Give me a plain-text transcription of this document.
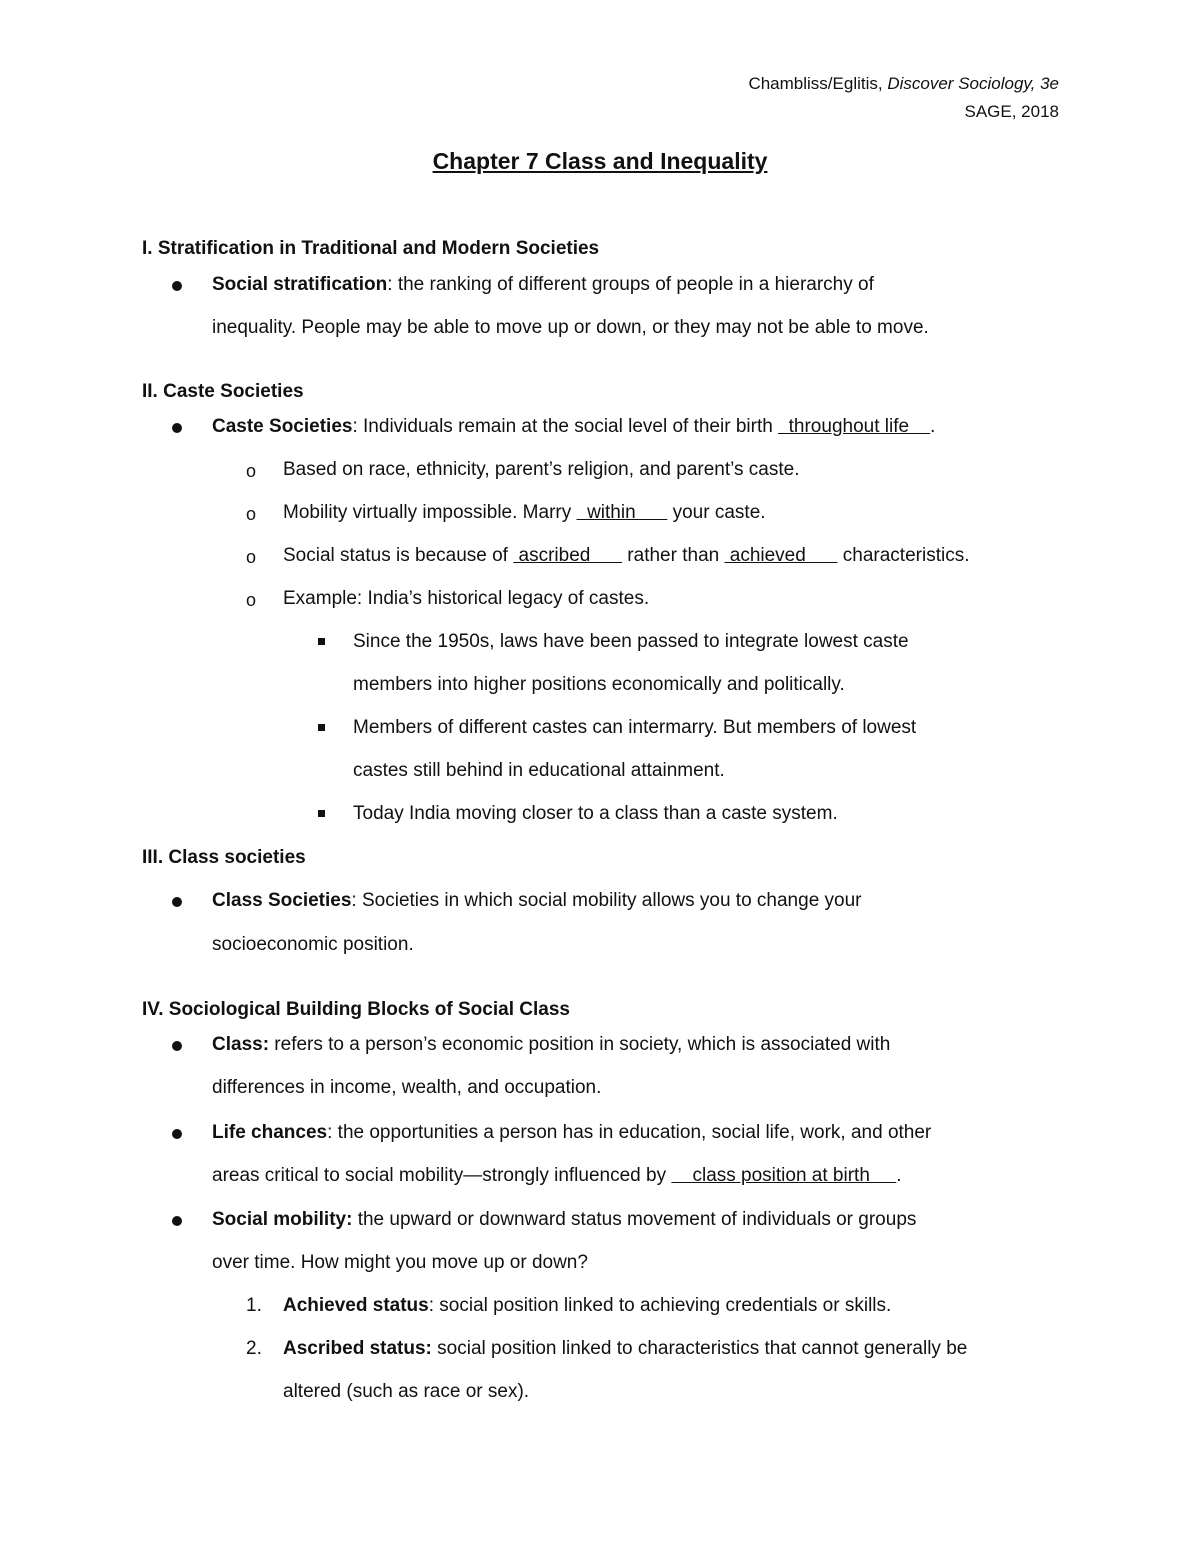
Chambliss/Eglitis, Discover Sociology, 3e
SAGE, 2018
Chapter 7 Class and Inequality
I. Stratification in Traditional and Modern Societies
Social stratification: the ranking of different groups of people in a hierarchy of
inequality. People may be able to move up or down, or they may not be able to move.
II. Caste Societies
Caste Societies: Individuals remain at the social level of their birth   throughout life    .
o Based on race, ethnicity, parent’s religion, and parent’s caste.
o Mobility virtually impossible. Marry   within       your caste.
o Social status is because of  ascribed       rather than  achieved       characteristics.
o Example: India’s historical legacy of castes.
Since the 1950s, laws have been passed to integrate lowest caste
members into higher positions economically and politically.
Members of different castes can intermarry. But members of lowest
castes still behind in educational attainment.
Today India moving closer to a class than a caste system.
III. Class societies
Class Societies: Societies in which social mobility allows you to change your
socioeconomic position.
IV. Sociological Building Blocks of Social Class
Class: refers to a person’s economic position in society, which is associated with
differences in income, wealth, and occupation.
Life chances: the opportunities a person has in education, social life, work, and other
areas critical to social mobility—strongly influenced by     class position at birth     .
Social mobility: the upward or downward status movement of individuals or groups
over time. How might you move up or down?
1. Achieved status: social position linked to achieving credentials or skills.
2. Ascribed status: social position linked to characteristics that cannot generally be
altered (such as race or sex).
